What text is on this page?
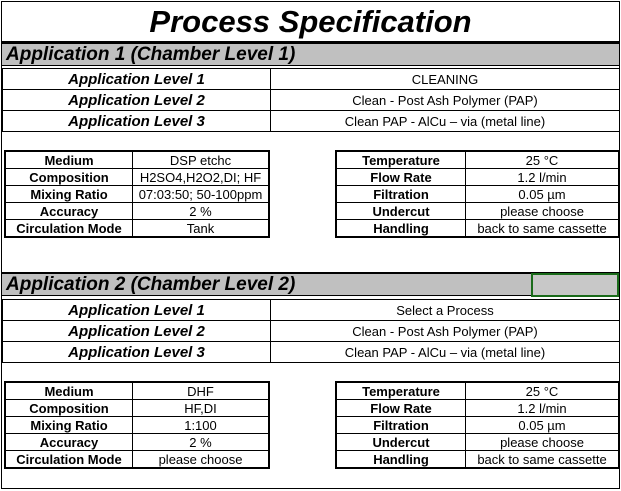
Process Specification
Application 1 (Chamber Level 1)
Application Level 1	CLEANING
Application Level 2	Clean - Post Ash Polymer (PAP)
Application Level 3	Clean PAP - AlCu – via (metal line)
Medium	DSP etchc
Composition	H2SO4,H2O2,DI; HF
Mixing Ratio	07:03:50; 50-100ppm
Accuracy	2 %
Circulation Mode	Tank
Temperature	25 °C
Flow Rate	1.2 l/min
Filtration	0.05 µm
Undercut	please choose
Handling	back to same cassette
Application 2 (Chamber Level 2)
Application Level 1	Select a Process
Application Level 2	Clean - Post Ash Polymer (PAP)
Application Level 3	Clean PAP - AlCu – via (metal line)
Medium	DHF
Composition	HF,DI
Mixing Ratio	1:100
Accuracy	2 %
Circulation Mode	please choose
Temperature	25 °C
Flow Rate	1.2 l/min
Filtration	0.05 µm
Undercut	please choose
Handling	back to same cassette
